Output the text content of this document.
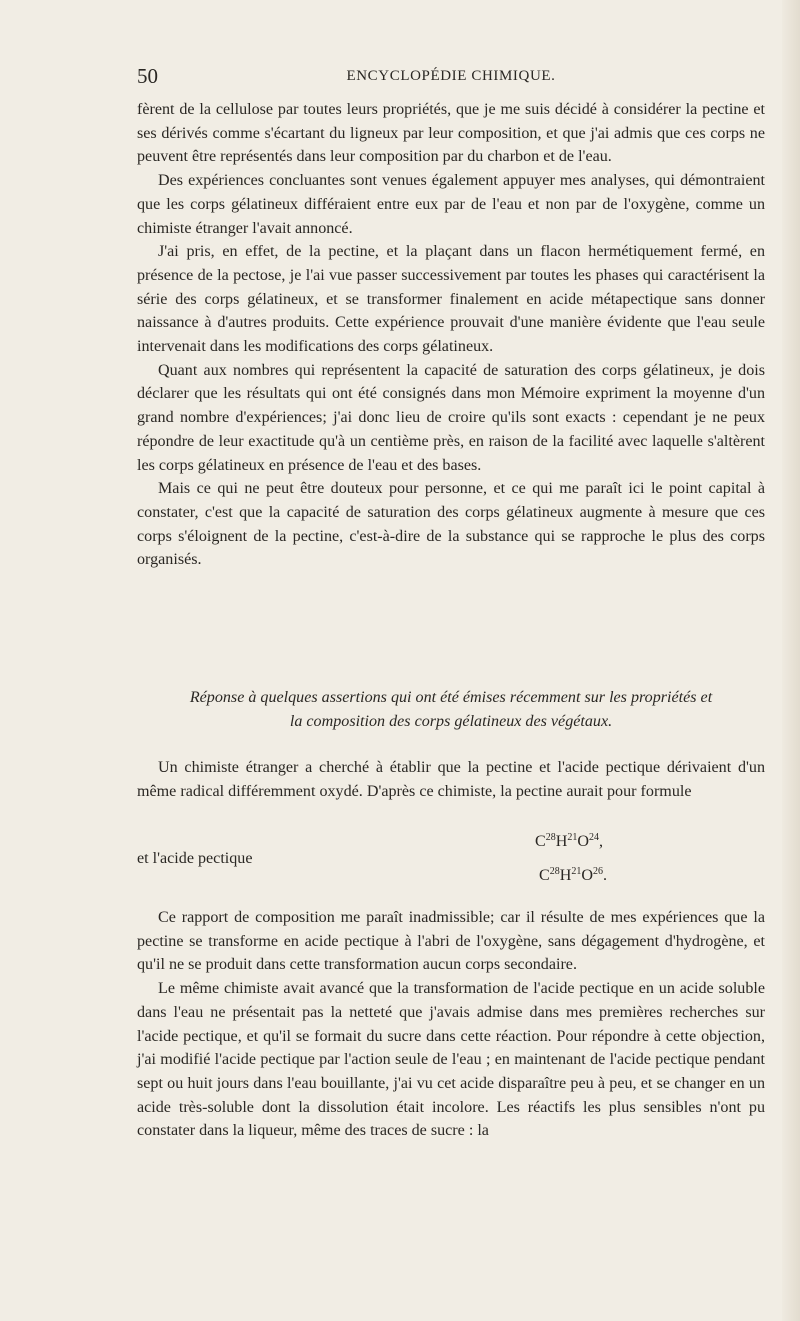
50	ENCYCLOPÉDIE CHIMIQUE.

fèrent de la cellulose par toutes leurs propriétés, que je me suis décidé à considérer la pectine et ses dérivés comme s'écartant du ligneux par leur composition, et que j'ai admis que ces corps ne peuvent être représentés dans leur composition par du charbon et de l'eau.

Des expériences concluantes sont venues également appuyer mes analyses, qui démontraient que les corps gélatineux différaient entre eux par de l'eau et non par de l'oxygène, comme un chimiste étranger l'avait annoncé.

J'ai pris, en effet, de la pectine, et la plaçant dans un flacon hermétiquement fermé, en présence de la pectose, je l'ai vue passer successivement par toutes les phases qui caractérisent la série des corps gélatineux, et se transformer finalement en acide métapectique sans donner naissance à d'autres produits. Cette expérience prouvait d'une manière évidente que l'eau seule intervenait dans les modifications des corps gélatineux.

Quant aux nombres qui représentent la capacité de saturation des corps gélatineux, je dois déclarer que les résultats qui ont été consignés dans mon Mémoire expriment la moyenne d'un grand nombre d'expériences; j'ai donc lieu de croire qu'ils sont exacts : cependant je ne peux répondre de leur exactitude qu'à un centième près, en raison de la facilité avec laquelle s'altèrent les corps gélatineux en présence de l'eau et des bases.

Mais ce qui ne peut être douteux pour personne, et ce qui me paraît ici le point capital à constater, c'est que la capacité de saturation des corps gélatineux augmente à mesure que ces corps s'éloignent de la pectine, c'est-à-dire de la substance qui se rapproche le plus des corps organisés.

Réponse à quelques assertions qui ont été émises récemment sur les propriétés et
la composition des corps gélatineux des végétaux.

Un chimiste étranger a cherché à établir que la pectine et l'acide pectique dérivaient d'un même radical différemment oxydé. D'après ce chimiste, la pectine aurait pour formule

$C^{28}H^{21}O^{24}$,
et l'acide pectique
$C^{28}H^{21}O^{26}$.

Ce rapport de composition me paraît inadmissible; car il résulte de mes expériences que la pectine se transforme en acide pectique à l'abri de l'oxygène, sans dégagement d'hydrogène, et qu'il ne se produit dans cette transformation aucun corps secondaire.

Le même chimiste avait avancé que la transformation de l'acide pectique en un acide soluble dans l'eau ne présentait pas la netteté que j'avais admise dans mes premières recherches sur l'acide pectique, et qu'il se formait du sucre dans cette réaction. Pour répondre à cette objection, j'ai modifié l'acide pectique par l'action seule de l'eau ; en maintenant de l'acide pectique pendant sept ou huit jours dans l'eau bouillante, j'ai vu cet acide disparaître peu à peu, et se changer en un acide très-soluble dont la dissolution était incolore. Les réactifs les plus sensibles n'ont pu constater dans la liqueur, même des traces de sucre : la
